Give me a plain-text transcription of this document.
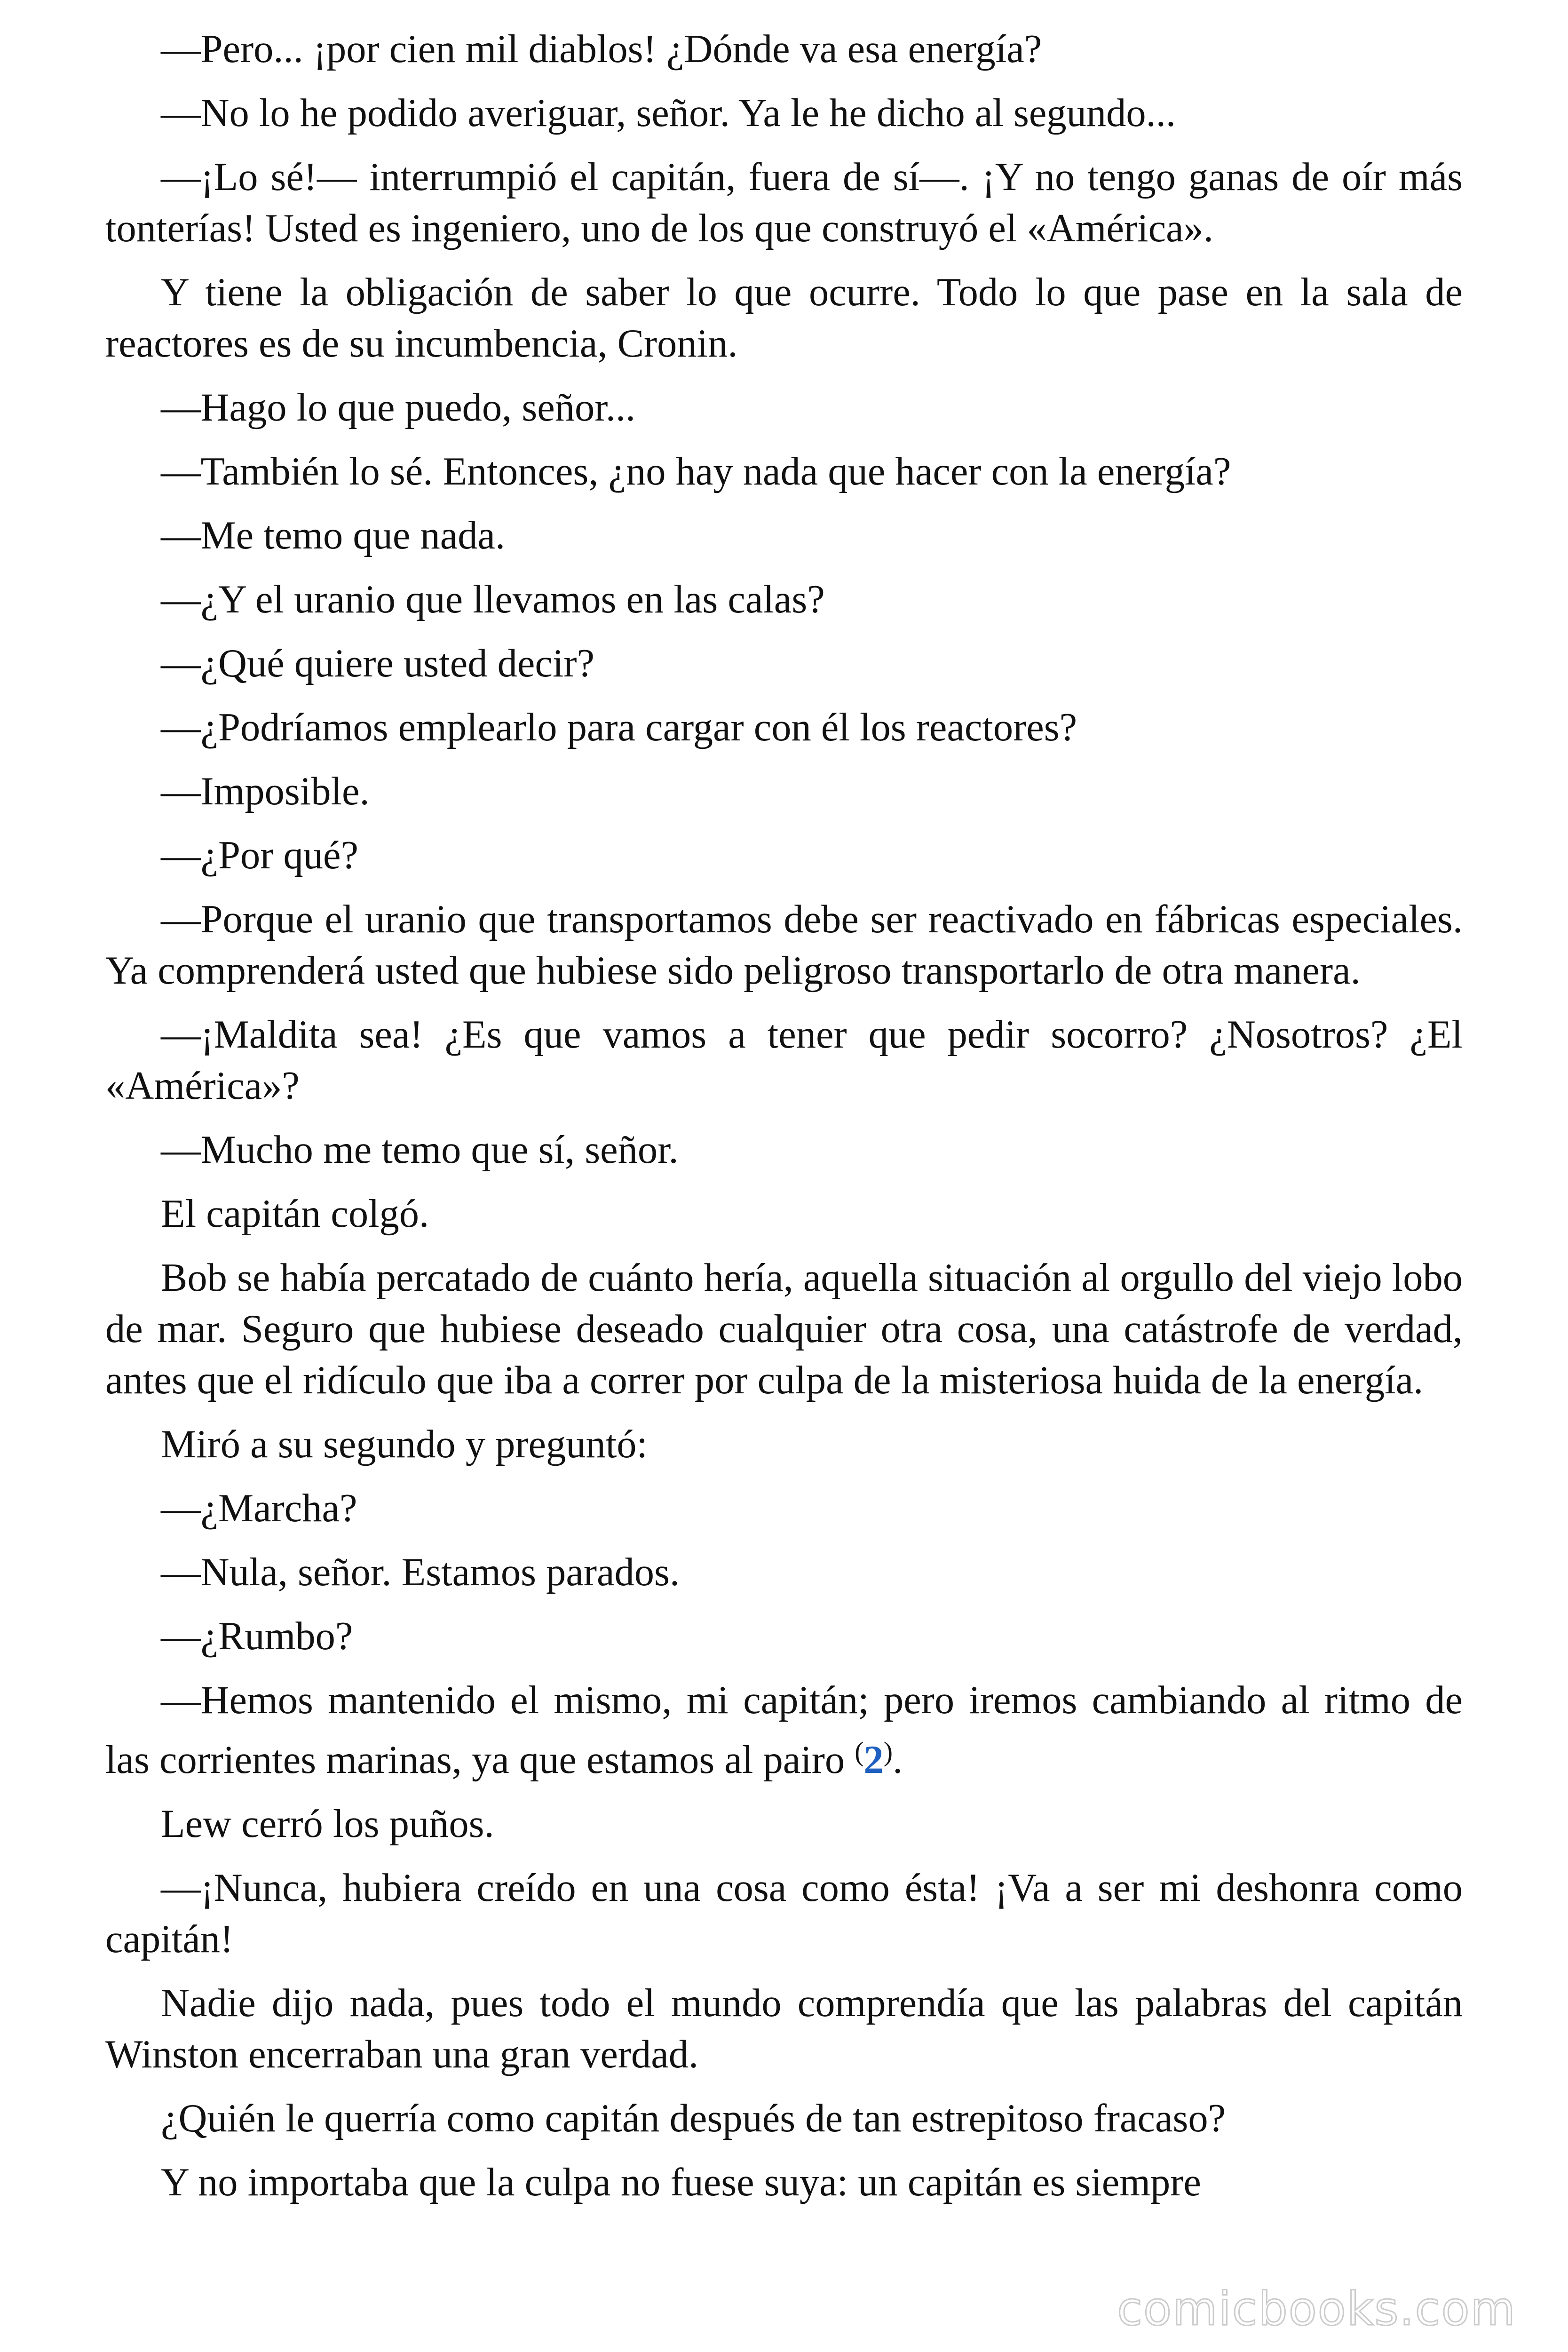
—Pero... ¡por cien mil diablos! ¿Dónde va esa energía?

—No lo he podido averiguar, señor. Ya le he dicho al segundo...

—¡Lo sé!— interrumpió el capitán, fuera de sí—. ¡Y no tengo ganas de oír más tonterías! Usted es ingeniero, uno de los que construyó el «América».

Y tiene la obligación de saber lo que ocurre. Todo lo que pase en la sala de reactores es de su incumbencia, Cronin.

—Hago lo que puedo, señor...

—También lo sé. Entonces, ¿no hay nada que hacer con la energía?

—Me temo que nada.

—¿Y el uranio que llevamos en las calas?

—¿Qué quiere usted decir?

—¿Podríamos emplearlo para cargar con él los reactores?

—Imposible.

—¿Por qué?

—Porque el uranio que transportamos debe ser reactivado en fábricas especiales. Ya comprenderá usted que hubiese sido peligroso transportarlo de otra manera.

—¡Maldita sea! ¿Es que vamos a tener que pedir socorro? ¿Nosotros? ¿El «América»?

—Mucho me temo que sí, señor.

El capitán colgó.

Bob se había percatado de cuánto hería, aquella situación al orgullo del viejo lobo de mar. Seguro que hubiese deseado cualquier otra cosa, una catástrofe de verdad, antes que el ridículo que iba a correr por culpa de la misteriosa huida de la energía.

Miró a su segundo y preguntó:

—¿Marcha?

—Nula, señor. Estamos parados.

—¿Rumbo?

—Hemos mantenido el mismo, mi capitán; pero iremos cambiando al ritmo de las corrientes marinas, ya que estamos al pairo (2).

Lew cerró los puños.

—¡Nunca, hubiera creído en una cosa como ésta! ¡Va a ser mi deshonra como capitán!

Nadie dijo nada, pues todo el mundo comprendía que las palabras del capitán Winston encerraban una gran verdad.

¿Quién le querría como capitán después de tan estrepitoso fracaso?

Y no importaba que la culpa no fuese suya: un capitán es siempre

comicbooks.com
